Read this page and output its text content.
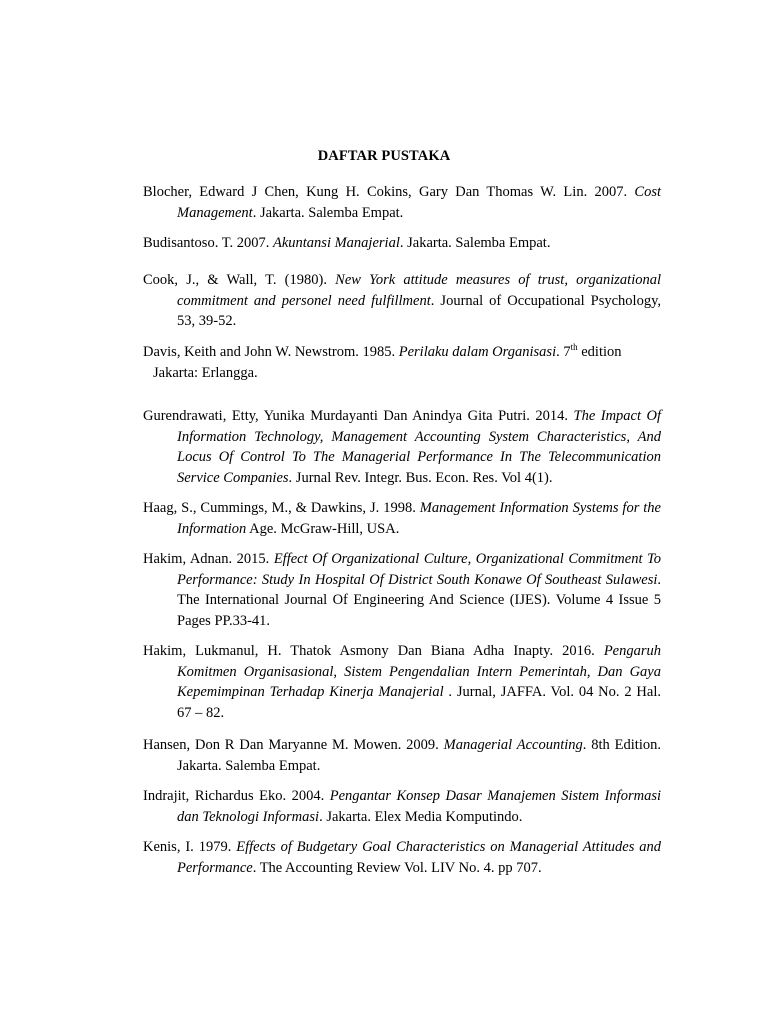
DAFTAR PUSTAKA
Blocher, Edward J Chen, Kung H. Cokins, Gary Dan Thomas W. Lin. 2007. Cost Management. Jakarta. Salemba Empat.
Budisantoso. T. 2007. Akuntansi Manajerial. Jakarta. Salemba Empat.
Cook, J., & Wall, T. (1980). New York attitude measures of trust, organizational commitment and personel need fulfillment. Journal of Occupational Psychology, 53, 39-52.
Davis, Keith and John W. Newstrom. 1985. Perilaku dalam Organisasi. 7th edition
Jakarta: Erlangga.
Gurendrawati, Etty, Yunika Murdayanti Dan Anindya Gita Putri. 2014. The Impact Of Information Technology, Management Accounting System Characteristics, And Locus Of Control To The Managerial Performance In The Telecommunication Service Companies. Jurnal Rev. Integr. Bus. Econ. Res. Vol 4(1).
Haag, S., Cummings, M., & Dawkins, J. 1998. Management Information Systems for the Information Age. McGraw-Hill, USA.
Hakim, Adnan. 2015. Effect Of Organizational Culture, Organizational Commitment To Performance: Study In Hospital Of District South Konawe Of Southeast Sulawesi. The International Journal Of Engineering And Science (IJES). Volume 4 Issue 5 Pages PP.33-41.
Hakim, Lukmanul, H. Thatok Asmony Dan Biana Adha Inapty. 2016. Pengaruh Komitmen Organisasional, Sistem Pengendalian Intern Pemerintah, Dan Gaya Kepemimpinan Terhadap Kinerja Manajerial . Jurnal, JAFFA. Vol. 04 No. 2 Hal. 67 – 82.
Hansen, Don R Dan Maryanne M. Mowen. 2009. Managerial Accounting. 8th Edition. Jakarta. Salemba Empat.
Indrajit, Richardus Eko. 2004. Pengantar Konsep Dasar Manajemen Sistem Informasi dan Teknologi Informasi. Jakarta. Elex Media Komputindo.
Kenis, I. 1979. Effects of Budgetary Goal Characteristics on Managerial Attitudes and Performance. The Accounting Review Vol. LIV No. 4. pp 707.
